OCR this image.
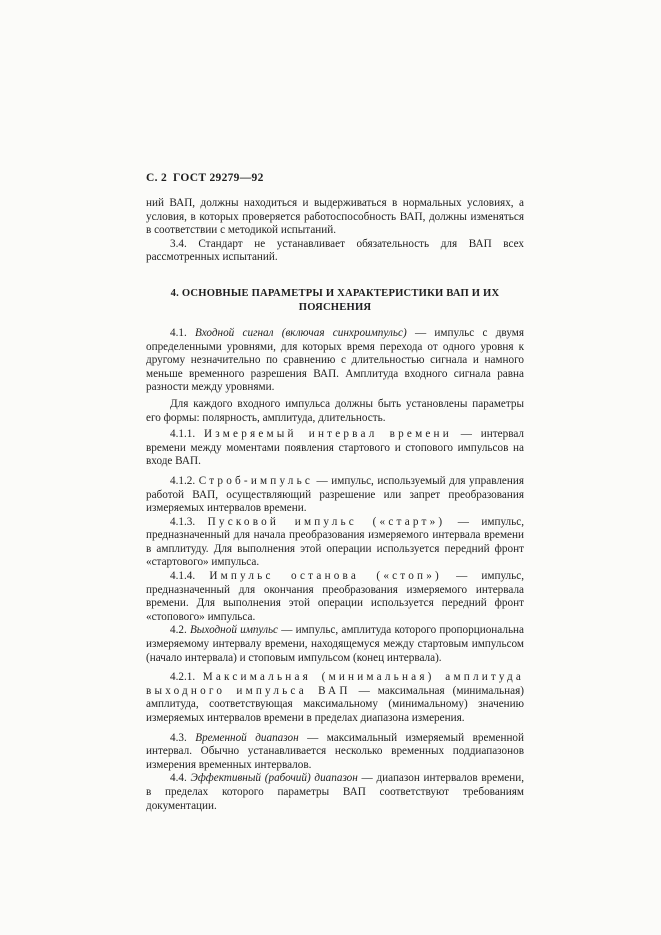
С. 2 ГОСТ 29279—92

ний ВАП, должны находиться и выдерживаться в нормальных условиях, а условия, в которых проверяется работоспособность ВАП, должны изменяться в соответствии с методикой испытаний.

3.4. Стандарт не устанавливает обязательность для ВАП всех рассмотренных испытаний.

4. ОСНОВНЫЕ ПАРАМЕТРЫ И ХАРАКТЕРИСТИКИ ВАП И ИХ ПОЯСНЕНИЯ

4.1. Входной сигнал (включая синхроимпульс) — импульс с двумя определенными уровнями, для которых время перехода от одного уровня к другому незначительно по сравнению с длительностью сигнала и намного меньше временного разрешения ВАП. Амплитуда входного сигнала равна разности между уровнями.

Для каждого входного импульса должны быть установлены параметры его формы: полярность, амплитуда, длительность.

4.1.1. Измеряемый интервал времени — интервал времени между моментами появления стартового и стопового импульсов на входе ВАП.

4.1.2. Строб-импульс — импульс, используемый для управления работой ВАП, осуществляющий разрешение или запрет преобразования измеряемых интервалов времени.

4.1.3. Пусковой импульс («старт») — импульс, предназначенный для начала преобразования измеряемого интервала времени в амплитуду. Для выполнения этой операции используется передний фронт «стартового» импульса.

4.1.4. Импульс останова («стоп») — импульс, предназначенный для окончания преобразования измеряемого интервала времени. Для выполнения этой операции используется передний фронт «стопового» импульса.

4.2. Выходной импульс — импульс, амплитуда которого пропорциональна измеряемому интервалу времени, находящемуся между стартовым импульсом (начало интервала) и стоповым импульсом (конец интервала).

4.2.1. Максимальная (минимальная) амплитуда выходного импульса ВАП — максимальная (минимальная) амплитуда, соответствующая максимальному (минимальному) значению измеряемых интервалов времени в пределах диапазона измерения.

4.3. Временной диапазон — максимальный измеряемый временной интервал. Обычно устанавливается несколько временных поддиапазонов измерения временных интервалов.

4.4. Эффективный (рабочий) диапазон — диапазон интервалов времени, в пределах которого параметры ВАП соответствуют требованиям документации.
